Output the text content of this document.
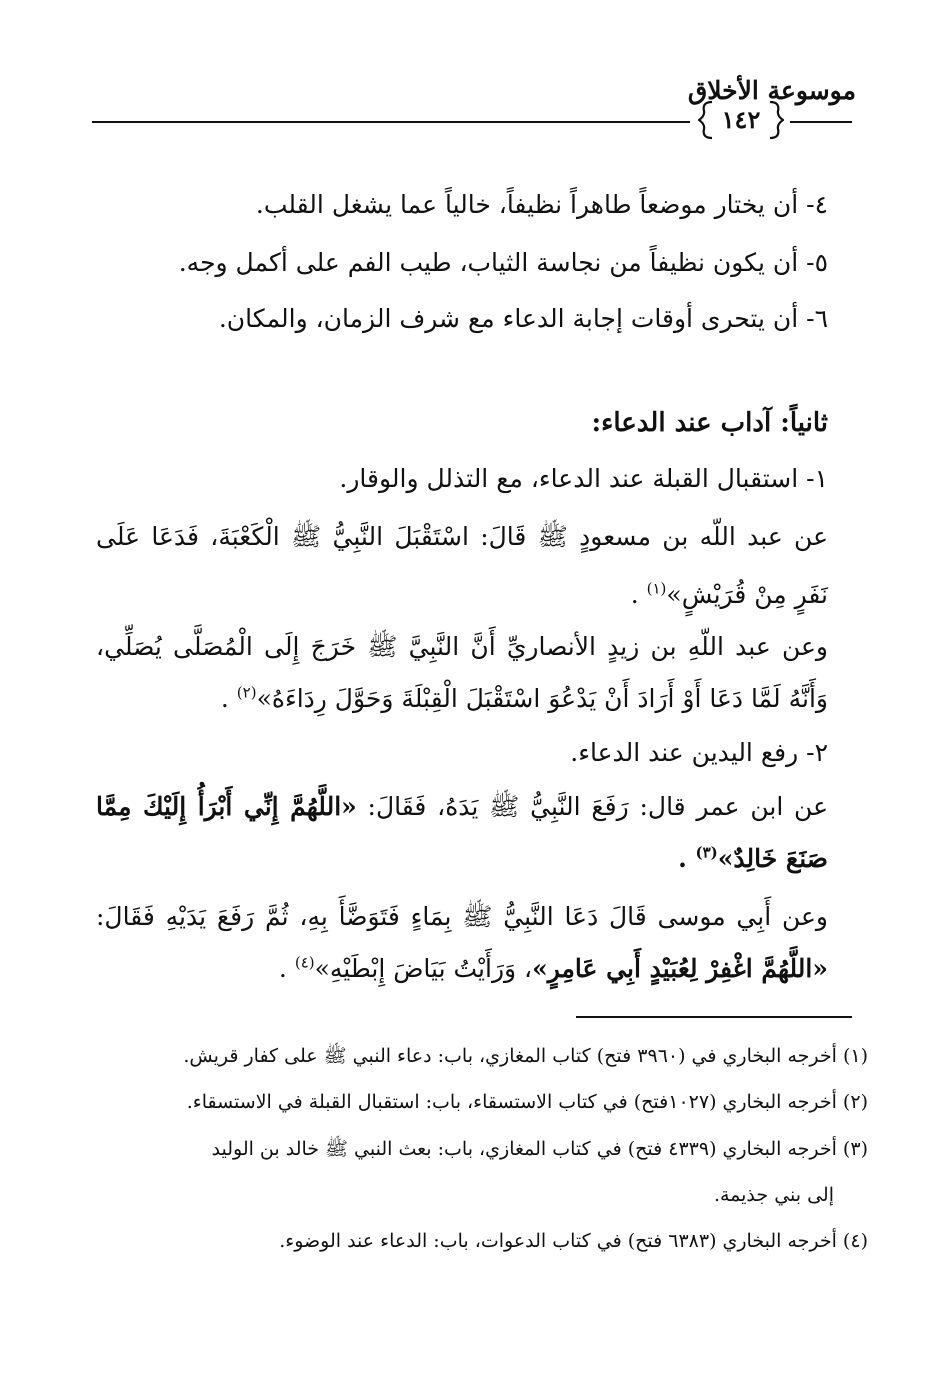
موسوعة الأخلاق
١٤٢
٤- أن يختار موضعاً طاهراً نظيفاً، خالياً عما يشغل القلب.
٥- أن يكون نظيفاً من نجاسة الثياب، طيب الفم على أكمل وجه.
٦- أن يتحرى أوقات إجابة الدعاء مع شرف الزمان، والمكان.
ثانياً: آداب عند الدعاء:
١- استقبال القبلة عند الدعاء، مع التذلل والوقار.
عن عبد اللّه بن مسعودٍ ﷺ قَالَ: اسْتَقْبَلَ النَّبِيُّ ﷺ الْكَعْبَةَ، فَدَعَا عَلَى
نَفَرٍ مِنْ قُرَيْشٍ»$^{(١)}$ .
وعن عبد اللّهِ بن زيدٍ الأنصاريِّ أَنَّ النَّبِيَّ ﷺ خَرَجَ إِلَى الْمُصَلَّى يُصَلِّي،
وَأَنَّهُ لَمَّا دَعَا أَوْ أَرَادَ أَنْ يَدْعُوَ اسْتَقْبَلَ الْقِبْلَةَ وَحَوَّلَ رِدَاءَهُ»$^{(٢)}$ .
٢- رفع اليدين عند الدعاء.
عن ابن عمر قال: رَفَعَ النَّبِيُّ ﷺ يَدَهُ، فَقَالَ: «اللَّهُمَّ إِنِّي أَبْرَأُ إِلَيْكَ مِمَّا
صَنَعَ خَالِدٌ»$^{(٣)}$ .
وعن أَبِي موسى قَالَ دَعَا النَّبِيُّ ﷺ بِمَاءٍ فَتَوَضَّأَ بِهِ، ثُمَّ رَفَعَ يَدَيْهِ فَقَالَ:
«اللَّهُمَّ اغْفِرْ لِعُبَيْدٍ أَبِي عَامِرٍ»، وَرَأَيْتُ بَيَاضَ إِبْطَيْهِ»$^{(٤)}$ .
(١) أخرجه البخاري في (٣٩٦٠ فتح) كتاب المغازي، باب: دعاء النبي ﷺ على كفار قريش.
(٢) أخرجه البخاري (١٠٢٧فتح) في كتاب الاستسقاء، باب: استقبال القبلة في الاستسقاء.
(٣) أخرجه البخاري (٤٣٣٩ فتح) في كتاب المغازي، باب: بعث النبي ﷺ خالد بن الوليد
إلى بني جذيمة.
(٤) أخرجه البخاري (٦٣٨٣ فتح) في كتاب الدعوات، باب: الدعاء عند الوضوء.
